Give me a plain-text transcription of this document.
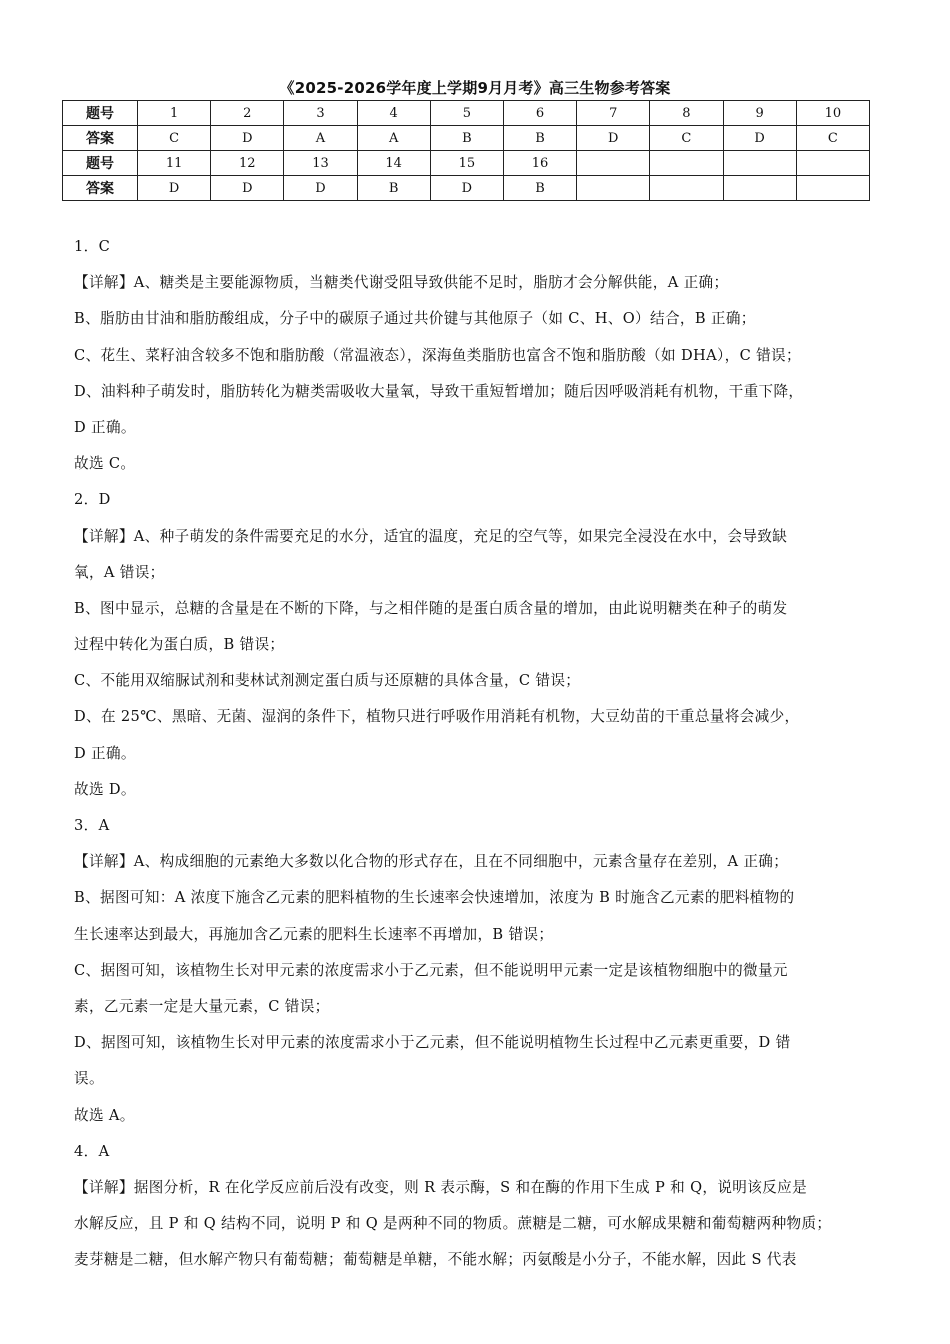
《2025-2026学年度上学期9月月考》高三生物参考答案
题号	1	2	3	4	5	6	7	8	9	10
答案	C	D	A	A	B	B	D	C	D	C
题号	11	12	13	14	15	16				
答案	D	D	D	B	D	B				
1．C
【详解】A、糖类是主要能源物质，当糖类代谢受阻导致供能不足时，脂肪才会分解供能，A 正确；
B、脂肪由甘油和脂肪酸组成，分子中的碳原子通过共价键与其他原子（如 C、H、O）结合，B 正确；
C、花生、菜籽油含较多不饱和脂肪酸（常温液态），深海鱼类脂肪也富含不饱和脂肪酸（如 DHA），C 错误；
D、油料种子萌发时，脂肪转化为糖类需吸收大量氧，导致干重短暂增加；随后因呼吸消耗有机物，干重下降，
D 正确。
故选 C。
2．D
【详解】A、种子萌发的条件需要充足的水分，适宜的温度，充足的空气等，如果完全浸没在水中，会导致缺
氧，A 错误；
B、图中显示，总糖的含量是在不断的下降，与之相伴随的是蛋白质含量的增加，由此说明糖类在种子的萌发
过程中转化为蛋白质，B 错误；
C、不能用双缩脲试剂和斐林试剂测定蛋白质与还原糖的具体含量，C 错误；
D、在 25℃、黑暗、无菌、湿润的条件下，植物只进行呼吸作用消耗有机物，大豆幼苗的干重总量将会减少，
D 正确。
故选 D。
3．A
【详解】A、构成细胞的元素绝大多数以化合物的形式存在，且在不同细胞中，元素含量存在差别，A 正确；
B、据图可知：A 浓度下施含乙元素的肥料植物的生长速率会快速增加，浓度为 B 时施含乙元素的肥料植物的
生长速率达到最大，再施加含乙元素的肥料生长速率不再增加，B 错误；
C、据图可知，该植物生长对甲元素的浓度需求小于乙元素，但不能说明甲元素一定是该植物细胞中的微量元
素，乙元素一定是大量元素，C 错误；
D、据图可知，该植物生长对甲元素的浓度需求小于乙元素，但不能说明植物生长过程中乙元素更重要，D 错
误。
故选 A。
4．A
【详解】据图分析，R 在化学反应前后没有改变，则 R 表示酶，S 和在酶的作用下生成 P 和 Q，说明该反应是
水解反应，且 P 和 Q 结构不同，说明 P 和 Q 是两种不同的物质。蔗糖是二糖，可水解成果糖和葡萄糖两种物质；
麦芽糖是二糖，但水解产物只有葡萄糖；葡萄糖是单糖，不能水解；丙氨酸是小分子，不能水解，因此 S 代表
